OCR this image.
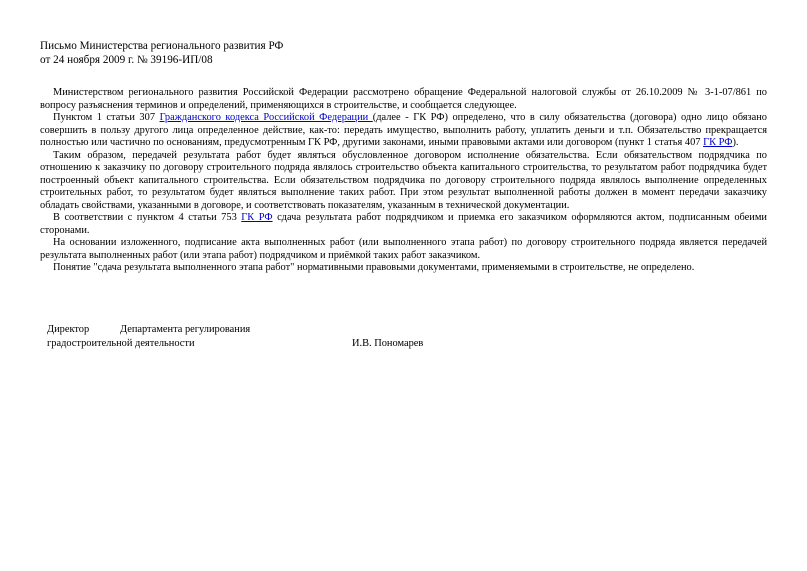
Письмо Министерства регионального развития РФ
от 24 ноября 2009 г. № 39196-ИП/08

Министерством регионального развития Российской Федерации рассмотрено обращение Федеральной налоговой службы от 26.10.2009 № 3-1-07/861 по вопросу разъяснения терминов и определений, применяющихся в строительстве, и сообщается следующее.

Пунктом 1 статьи 307 Гражданского кодекса Российской Федерации (далее - ГК РФ) определено, что в силу обязательства (договора) одно лицо обязано совершить в пользу другого лица определенное действие, как-то: передать имущество, выполнить работу, уплатить деньги и т.п. Обязательство прекращается полностью или частично по основаниям, предусмотренным ГК РФ, другими законами, иными правовыми актами или договором (пункт 1 статья 407 ГК РФ).

Таким образом, передачей результата работ будет являться обусловленное договором исполнение обязательства. Если обязательством подрядчика по отношению к заказчику по договору строительного подряда являлось строительство объекта капитального строительства, то результатом работ подрядчика будет построенный объект капитального строительства. Если обязательством подрядчика по договору строительного подряда являлось выполнение определенных строительных работ, то результатом будет являться выполнение таких работ. При этом результат выполненной работы должен в момент передачи заказчику обладать свойствами, указанными в договоре, и соответствовать показателям, указанным в технической документации.

В соответствии с пунктом 4 статьи 753 ГК РФ сдача результата работ подрядчиком и приемка его заказчиком оформляются актом, подписанным обеими сторонами.

На основании изложенного, подписание акта выполненных работ (или выполненного этапа работ) по договору строительного подряда является передачей результата выполненных работ (или этапа работ) подрядчиком и приёмкой таких работ заказчиком.

Понятие "сдача результата выполненного этапа работ" нормативными правовыми документами, применяемыми в строительстве, не определено.

Директор	Департамента регулирования
градостроительной деятельности	И.В. Пономарев
